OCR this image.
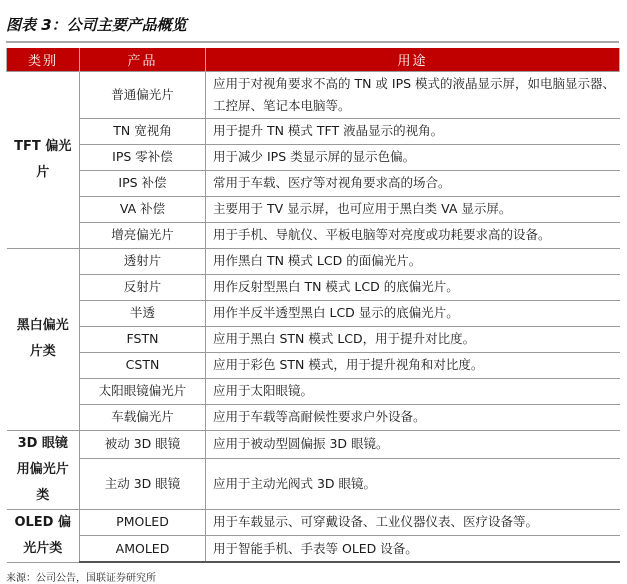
图表 3：公司主要产品概览
类别	产品	用途
TFT 偏光片	普通偏光片	应用于对视角要求不高的 TN 或 IPS 模式的液晶显示屏，如电脑显示器、工控屏、笔记本电脑等。
	TN 宽视角	用于提升 TN 模式 TFT 液晶显示的视角。
	IPS 零补偿	用于减少 IPS 类显示屏的显示色偏。
	IPS 补偿	常用于车载、医疗等对视角要求高的场合。
	VA 补偿	主要用于 TV 显示屏，也可应用于黑白类 VA 显示屏。
	增亮偏光片	用于手机、导航仪、平板电脑等对亮度或功耗要求高的设备。
黑白偏光片类	透射片	用作黑白 TN 模式 LCD 的面偏光片。
	反射片	用作反射型黑白 TN 模式 LCD 的底偏光片。
	半透	用作半反半透型黑白 LCD 显示的底偏光片。
	FSTN	应用于黑白 STN 模式 LCD，用于提升对比度。
	CSTN	应用于彩色 STN 模式，用于提升视角和对比度。
	太阳眼镜偏光片	应用于太阳眼镜。
	车载偏光片	应用于车载等高耐候性要求户外设备。
3D 眼镜用偏光片类	被动 3D 眼镜	应用于被动型圆偏振 3D 眼镜。
	主动 3D 眼镜	应用于主动光阀式 3D 眼镜。
OLED 偏光片类	PMOLED	用于车载显示、可穿戴设备、工业仪器仪表、医疗设备等。
	AMOLED	用于智能手机、手表等 OLED 设备。
来源：公司公告，国联证券研究所
